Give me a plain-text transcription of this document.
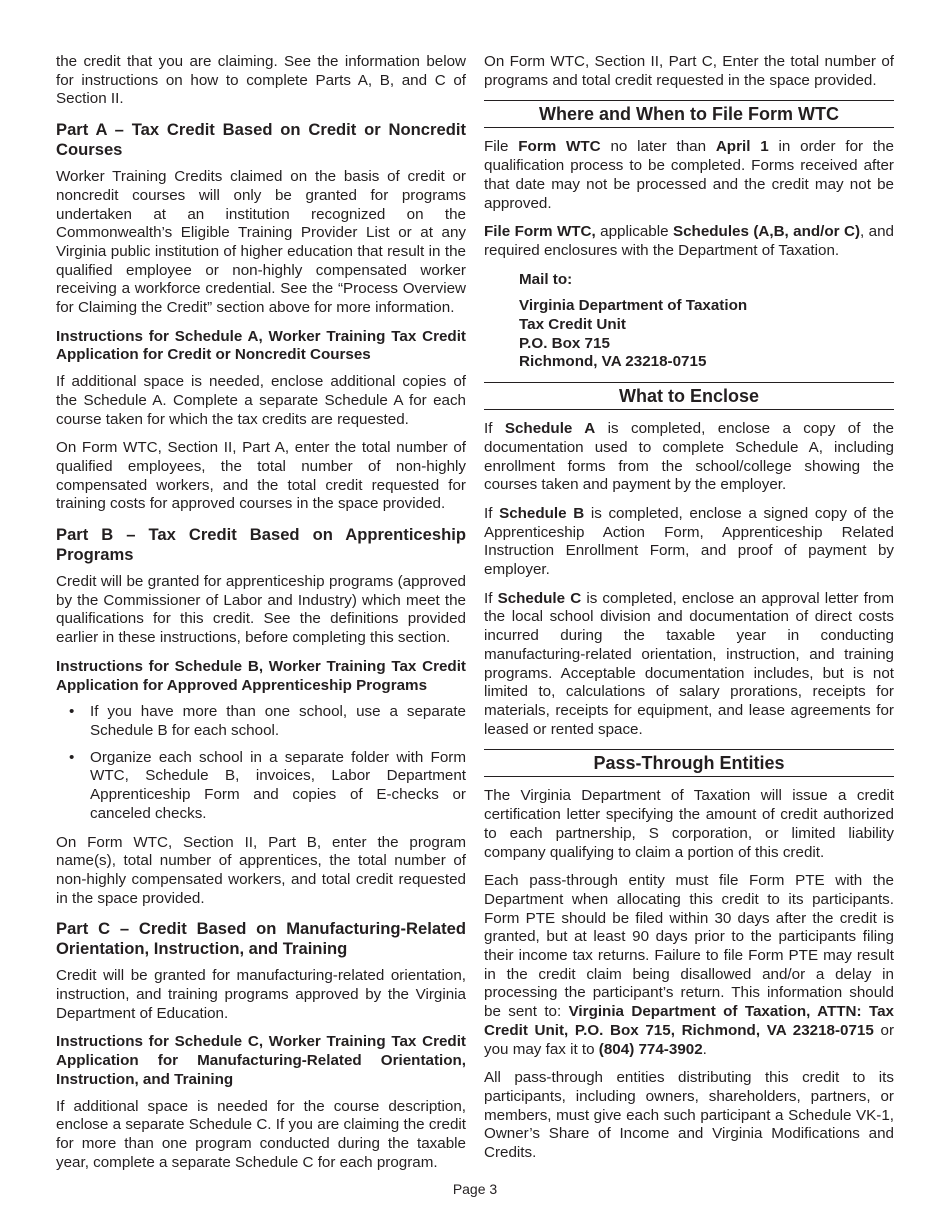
the credit that you are claiming. See the information below for instructions on how to complete Parts A, B, and C of Section II.

Part A – Tax Credit Based on Credit or Noncredit Courses

Worker Training Credits claimed on the basis of credit or noncredit courses will only be granted for programs undertaken at an institution recognized on the Commonwealth’s Eligible Training Provider List or at any Virginia public institution of higher education that result in the qualified employee or non-highly compensated worker receiving a workforce credential. See the “Process Overview for Claiming the Credit” section above for more information.

Instructions for Schedule A, Worker Training Tax Credit Application for Credit or Noncredit Courses

If additional space is needed, enclose additional copies of the Schedule A. Complete a separate Schedule A for each course taken for which the tax credits are requested.

On Form WTC, Section II, Part A, enter the total number of qualified employees, the total number of non-highly compensated workers, and the total credit requested for training costs for approved courses in the space provided.

Part B – Tax Credit Based on Apprenticeship Programs

Credit will be granted for apprenticeship programs (approved by the Commissioner of Labor and Industry) which meet the qualifications for this credit. See the definitions provided earlier in these instructions, before completing this section.

Instructions for Schedule B, Worker Training Tax Credit Application for Approved Apprenticeship Programs
• If you have more than one school, use a separate Schedule B for each school.
• Organize each school in a separate folder with Form WTC, Schedule B, invoices, Labor Department Apprenticeship Form and copies of E-checks or canceled checks.

On Form WTC, Section II, Part B, enter the program name(s), total number of apprentices, the total number of non-highly compensated workers, and total credit requested in the space provided.

Part C – Credit Based on Manufacturing-Related Orientation, Instruction, and Training

Credit will be granted for manufacturing-related orientation, instruction, and training programs approved by the Virginia Department of Education.

Instructions for Schedule C, Worker Training Tax Credit Application for Manufacturing-Related Orientation, Instruction, and Training

If additional space is needed for the course description, enclose a separate Schedule C. If you are claiming the credit for more than one program conducted during the taxable year, complete a separate Schedule C for each program.

On Form WTC, Section II, Part C, Enter the total number of programs and total credit requested in the space provided.

Where and When to File Form WTC

File Form WTC no later than April 1 in order for the qualification process to be completed. Forms received after that date may not be processed and the credit may not be approved.

File Form WTC, applicable Schedules (A,B, and/or C), and required enclosures with the Department of Taxation.

Mail to:
Virginia Department of Taxation
Tax Credit Unit
P.O. Box 715
Richmond, VA 23218-0715
What to Enclose

If Schedule A is completed, enclose a copy of the documentation used to complete Schedule A, including enrollment forms from the school/college showing the courses taken and payment by the employer.

If Schedule B is completed, enclose a signed copy of the Apprenticeship Action Form, Apprenticeship Related Instruction Enrollment Form, and proof of payment by employer.

If Schedule C is completed, enclose an approval letter from the local school division and documentation of direct costs incurred during the taxable year in conducting manufacturing-related orientation, instruction, and training programs. Acceptable documentation includes, but is not limited to, calculations of salary prorations, receipts for materials, receipts for equipment, and lease agreements for leased or rented space.

Pass-Through Entities

The Virginia Department of Taxation will issue a credit certification letter specifying the amount of credit authorized to each partnership, S corporation, or limited liability company qualifying to claim a portion of this credit.

Each pass-through entity must file Form PTE with the Department when allocating this credit to its participants. Form PTE should be filed within 30 days after the credit is granted, but at least 90 days prior to the participants filing their income tax returns. Failure to file Form PTE may result in the credit claim being disallowed and/or a delay in processing the participant’s return. This information should be sent to: Virginia Department of Taxation, ATTN: Tax Credit Unit, P.O. Box 715, Richmond, VA 23218-0715 or you may fax it to (804) 774-3902.

All pass-through entities distributing this credit to its participants, including owners, shareholders, partners, or members, must give each such participant a Schedule VK-1, Owner’s Share of Income and Virginia Modifications and Credits.

Page 3
